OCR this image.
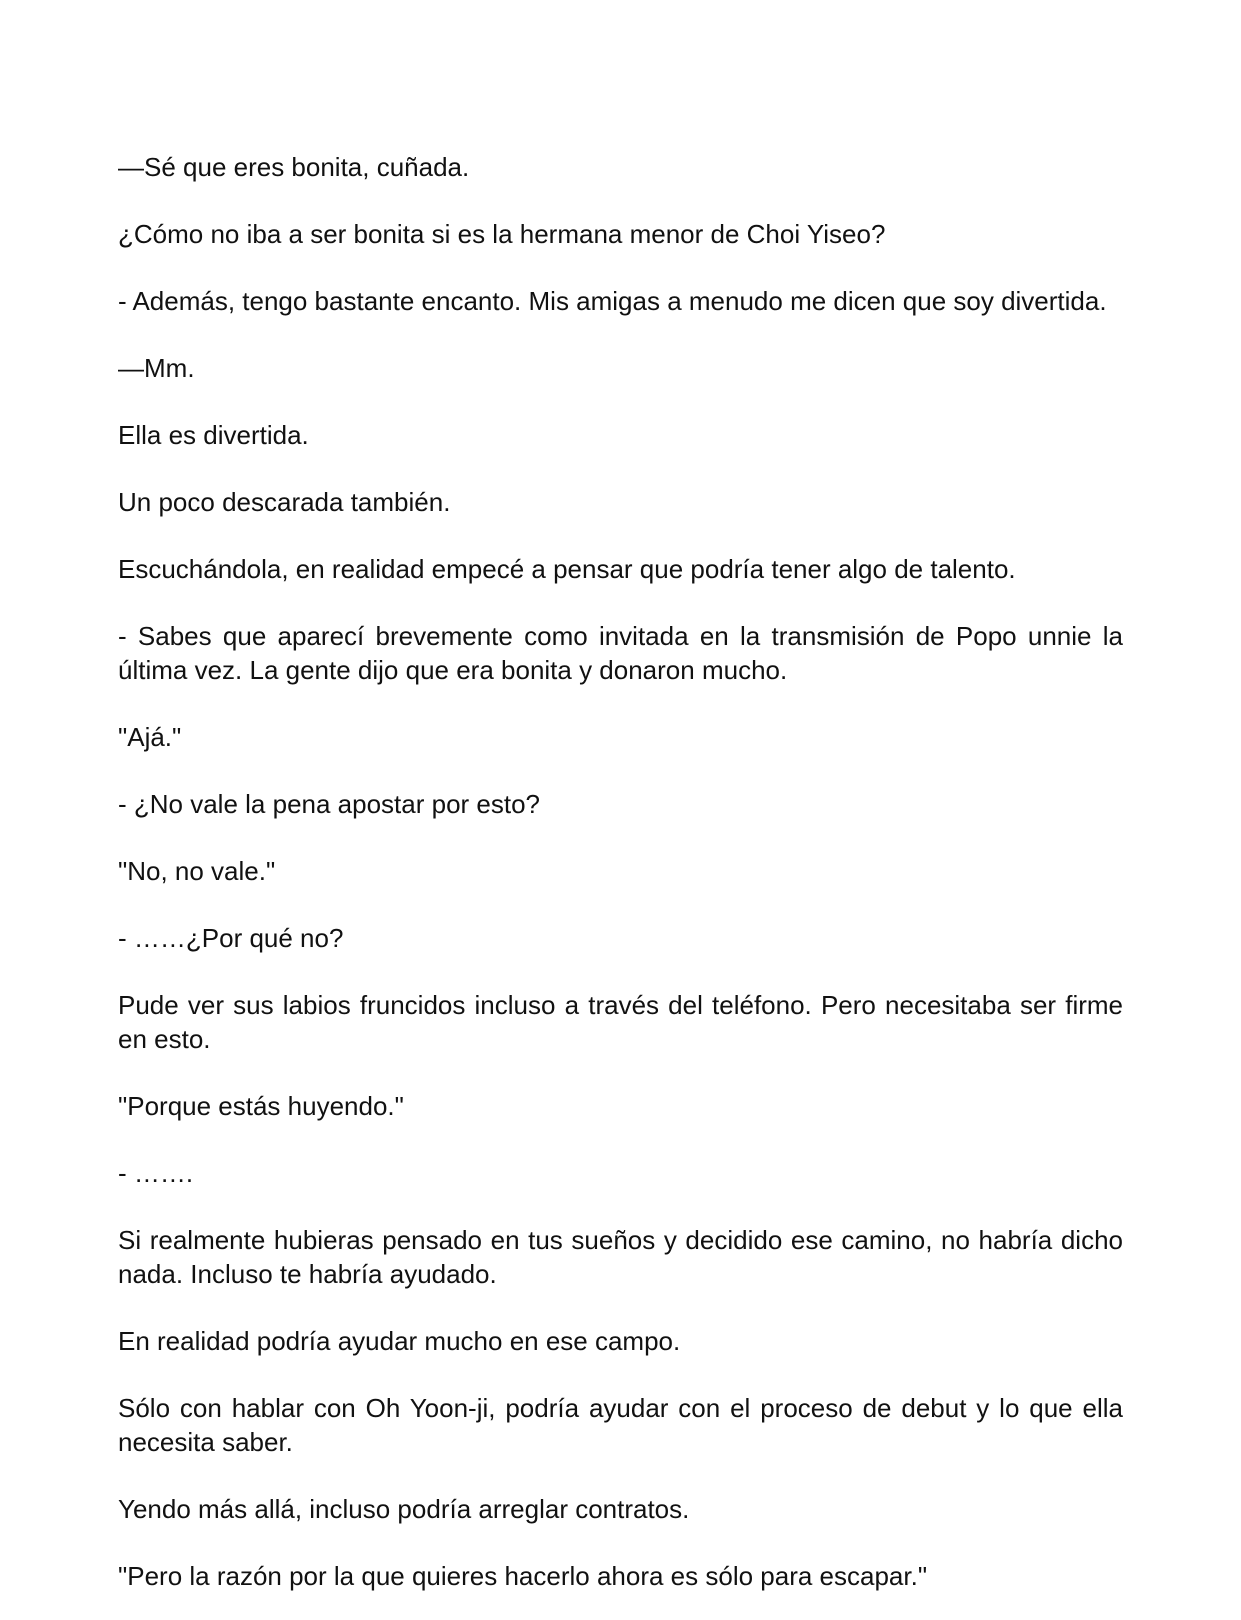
—Sé que eres bonita, cuñada.

¿Cómo no iba a ser bonita si es la hermana menor de Choi Yiseo?

- Además, tengo bastante encanto. Mis amigas a menudo me dicen que soy divertida.

—Mm.

Ella es divertida.

Un poco descarada también.

Escuchándola, en realidad empecé a pensar que podría tener algo de talento.

- Sabes que aparecí brevemente como invitada en la transmisión de Popo unnie la última vez. La gente dijo que era bonita y donaron mucho.

"Ajá."

- ¿No vale la pena apostar por esto?

"No, no vale."

- ……¿Por qué no?

Pude ver sus labios fruncidos incluso a través del teléfono. Pero necesitaba ser firme en esto.

"Porque estás huyendo."

- …….

Si realmente hubieras pensado en tus sueños y decidido ese camino, no habría dicho nada. Incluso te habría ayudado.

En realidad podría ayudar mucho en ese campo.

Sólo con hablar con Oh Yoon-ji, podría ayudar con el proceso de debut y lo que ella necesita saber.

Yendo más allá, incluso podría arreglar contratos.

"Pero la razón por la que quieres hacerlo ahora es sólo para escapar."
